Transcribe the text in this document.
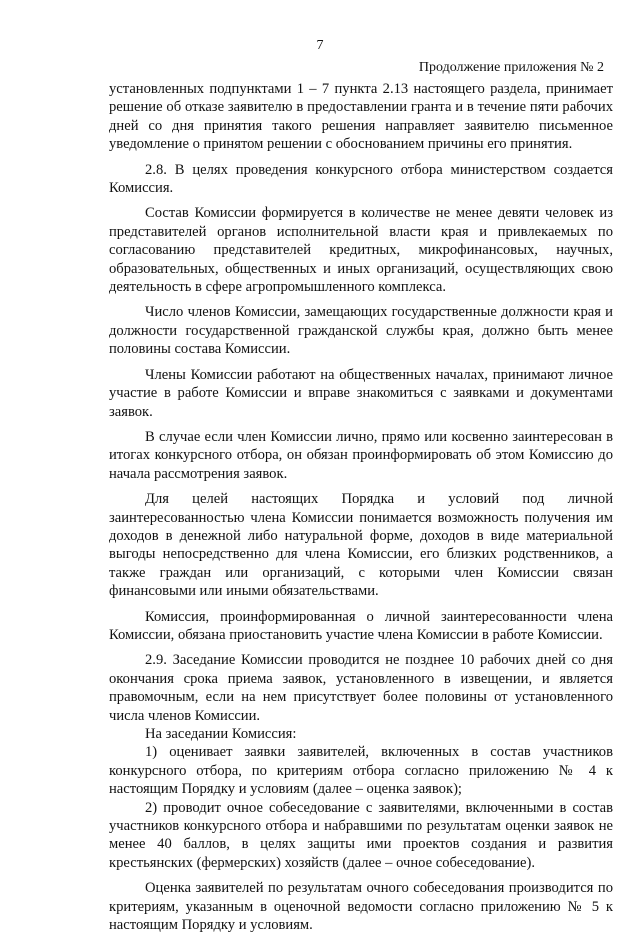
7
Продолжение приложения № 2

установленных подпунктами 1 – 7 пункта 2.13 настоящего раздела, принимает решение об отказе заявителю в предоставлении гранта и в течение пяти рабочих дней со дня принятия такого решения направляет заявителю письменное уведомление о принятом решении с обоснованием причины его принятия.

2.8. В целях проведения конкурсного отбора министерством создается Комиссия.

Состав Комиссии формируется в количестве не менее девяти человек из представителей органов исполнительной власти края и привлекаемых по согласованию представителей кредитных, микрофинансовых, научных, образовательных, общественных и иных организаций, осуществляющих свою деятельность в сфере агропромышленного комплекса.

Число членов Комиссии, замещающих государственные должности края и должности государственной гражданской службы края, должно быть менее половины состава Комиссии.

Члены Комиссии работают на общественных началах, принимают личное участие в работе Комиссии и вправе знакомиться с заявками и документами заявок.

В случае если член Комиссии лично, прямо или косвенно заинтересован в итогах конкурсного отбора, он обязан проинформировать об этом Комиссию до начала рассмотрения заявок.

Для целей настоящих Порядка и условий под личной заинтересованностью члена Комиссии понимается возможность получения им доходов в денежной либо натуральной форме, доходов в виде материальной выгоды непосредственно для члена Комиссии, его близких родственников, а также граждан или организаций, с которыми член Комиссии связан финансовыми или иными обязательствами.

Комиссия, проинформированная о личной заинтересованности члена Комиссии, обязана приостановить участие члена Комиссии в работе Комиссии.

2.9. Заседание Комиссии проводится не позднее 10 рабочих дней со дня окончания срока приема заявок, установленного в извещении, и является правомочным, если на нем присутствует более половины от установленного числа членов Комиссии.

На заседании Комиссия:

1) оценивает заявки заявителей, включенных в состав участников конкурсного отбора, по критериям отбора согласно приложению № 4 к настоящим Порядку и условиям (далее – оценка заявок);

2) проводит очное собеседование с заявителями, включенными в состав участников конкурсного отбора и набравшими по результатам оценки заявок не менее 40 баллов, в целях защиты ими проектов создания и развития крестьянских (фермерских) хозяйств (далее – очное собеседование).

Оценка заявителей по результатам очного собеседования производится по критериям, указанным в оценочной ведомости согласно приложению № 5 к настоящим Порядку и условиям.
